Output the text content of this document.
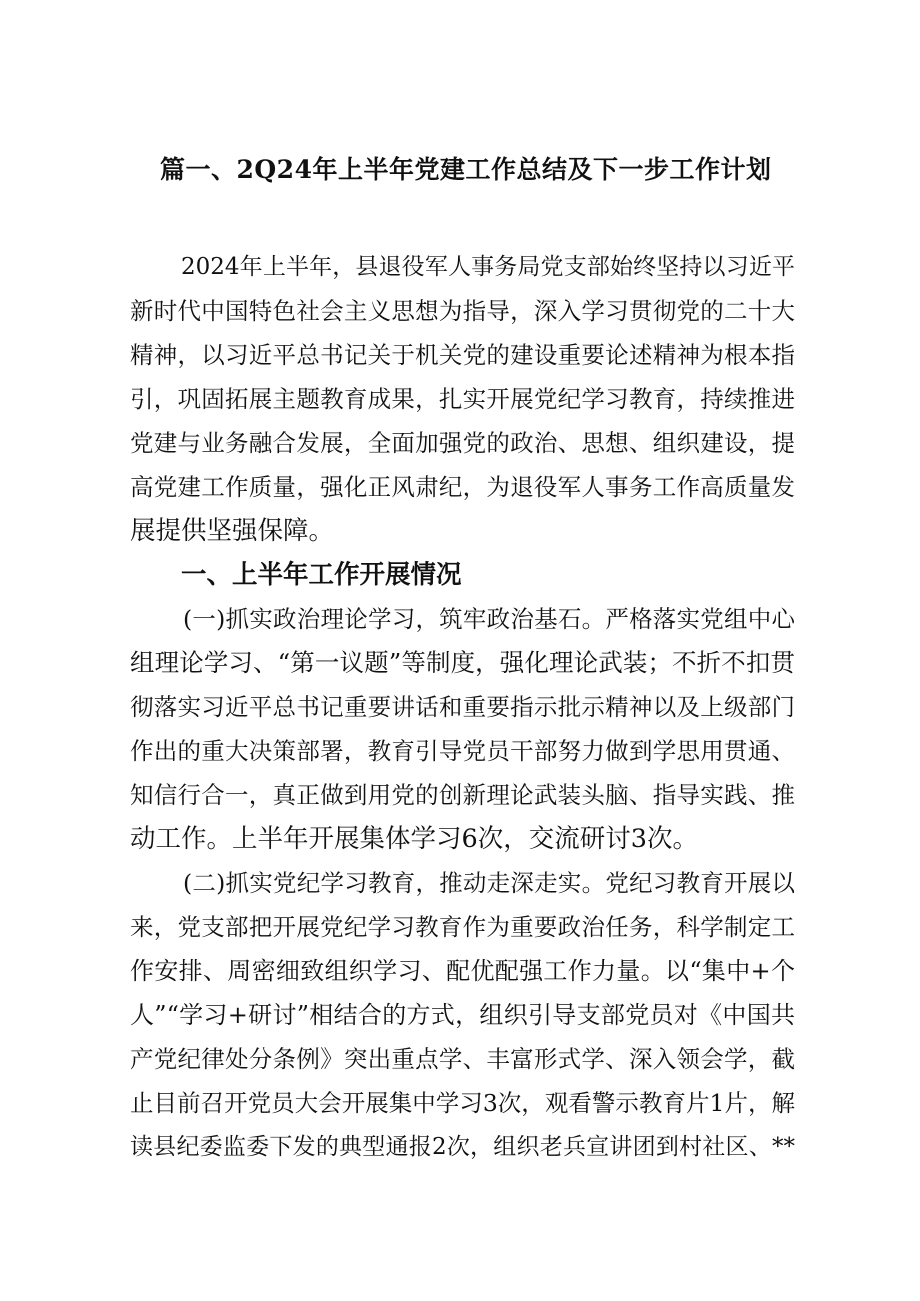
篇一、2Q24年上半年党建工作总结及下一步工作计划
2024年上半年，县退役军人事务局党支部始终坚持以习近平
新时代中国特色社会主义思想为指导，深入学习贯彻党的二十大
精神，以习近平总书记关于机关党的建设重要论述精神为根本指
引，巩固拓展主题教育成果，扎实开展党纪学习教育，持续推进
党建与业务融合发展，全面加强党的政治、思想、组织建设，提
高党建工作质量，强化正风肃纪，为退役军人事务工作高质量发
展提供坚强保障。
一、上半年工作开展情况
(一)抓实政治理论学习，筑牢政治基石。严格落实党组中心
组理论学习、“第一议题”等制度，强化理论武装；不折不扣贯
彻落实习近平总书记重要讲话和重要指示批示精神以及上级部门
作出的重大决策部署，教育引导党员干部努力做到学思用贯通、
知信行合一，真正做到用党的创新理论武装头脑、指导实践、推
动工作。上半年开展集体学习6次，交流研讨3次。
(二)抓实党纪学习教育，推动走深走实。党纪习教育开展以
来，党支部把开展党纪学习教育作为重要政治任务，科学制定工
作安排、周密细致组织学习、配优配强工作力量。以“集中+个
人”“学习+研讨”相结合的方式，组织引导支部党员对《中国共
产党纪律处分条例》突出重点学、丰富形式学、深入领会学，截
止目前召开党员大会开展集中学习3次，观看警示教育片1片，解
读县纪委监委下发的典型通报2次，组织老兵宣讲团到村社区、**
